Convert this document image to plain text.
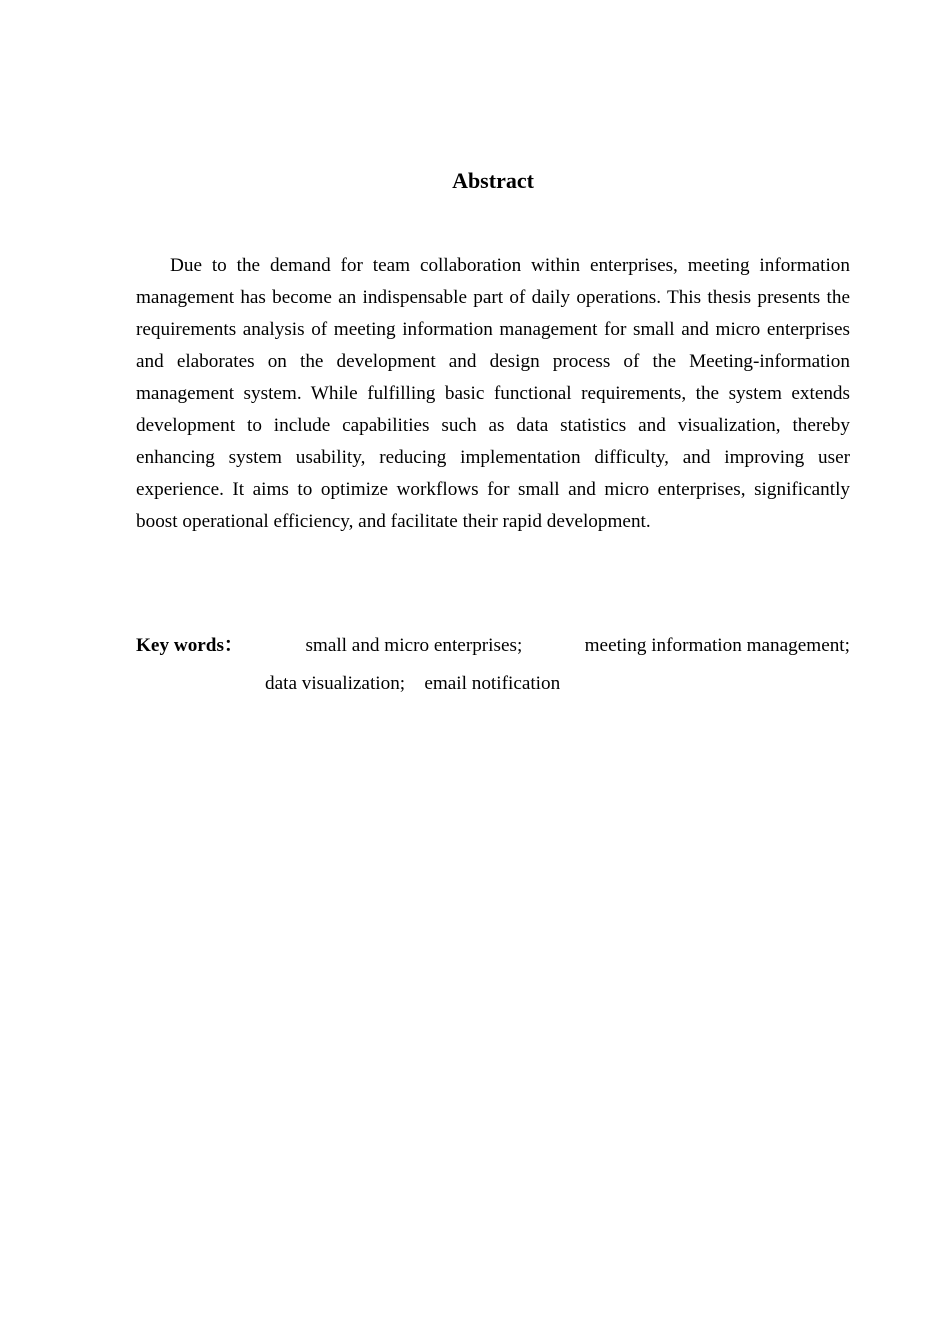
Abstract

Due to the demand for team collaboration within enterprises, meeting information management has become an indispensable part of daily operations. This thesis presents the requirements analysis of meeting information management for small and micro enterprises and elaborates on the development and design process of the Meeting-information management system. While fulfilling basic functional requirements, the system extends development to include capabilities such as data statistics and visualization, thereby enhancing system usability, reducing implementation difficulty, and improving user experience. It aims to optimize workflows for small and micro enterprises, significantly boost operational efficiency, and facilitate their rapid development.

Key words：	small and micro enterprises;	meeting information management;
data visualization; email notification
